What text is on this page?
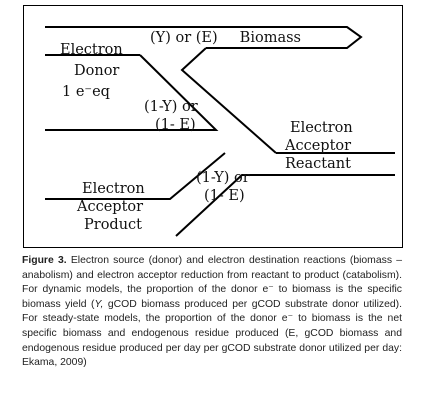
(Y) or (E) Biomass
Electron
Donor
1 e⁻eq
(1-Y) or
(1- E)	Electron
Acceptor
Reactant
(1-Y) or
(1- E)
Electron
Acceptor
Product
Figure 3. Electron source (donor) and electron destination reactions (biomass – anabolism) and electron acceptor reduction from reactant to product (catabolism). For dynamic models, the proportion of the donor e⁻ to biomass is the specific biomass yield (Y, gCOD biomass produced per gCOD substrate donor utilized). For steady-state models, the proportion of the donor e⁻ to biomass is the net specific biomass and endogenous residue produced (E, gCOD biomass and endogenous residue produced per day per gCOD substrate donor utilized per day: Ekama, 2009)
